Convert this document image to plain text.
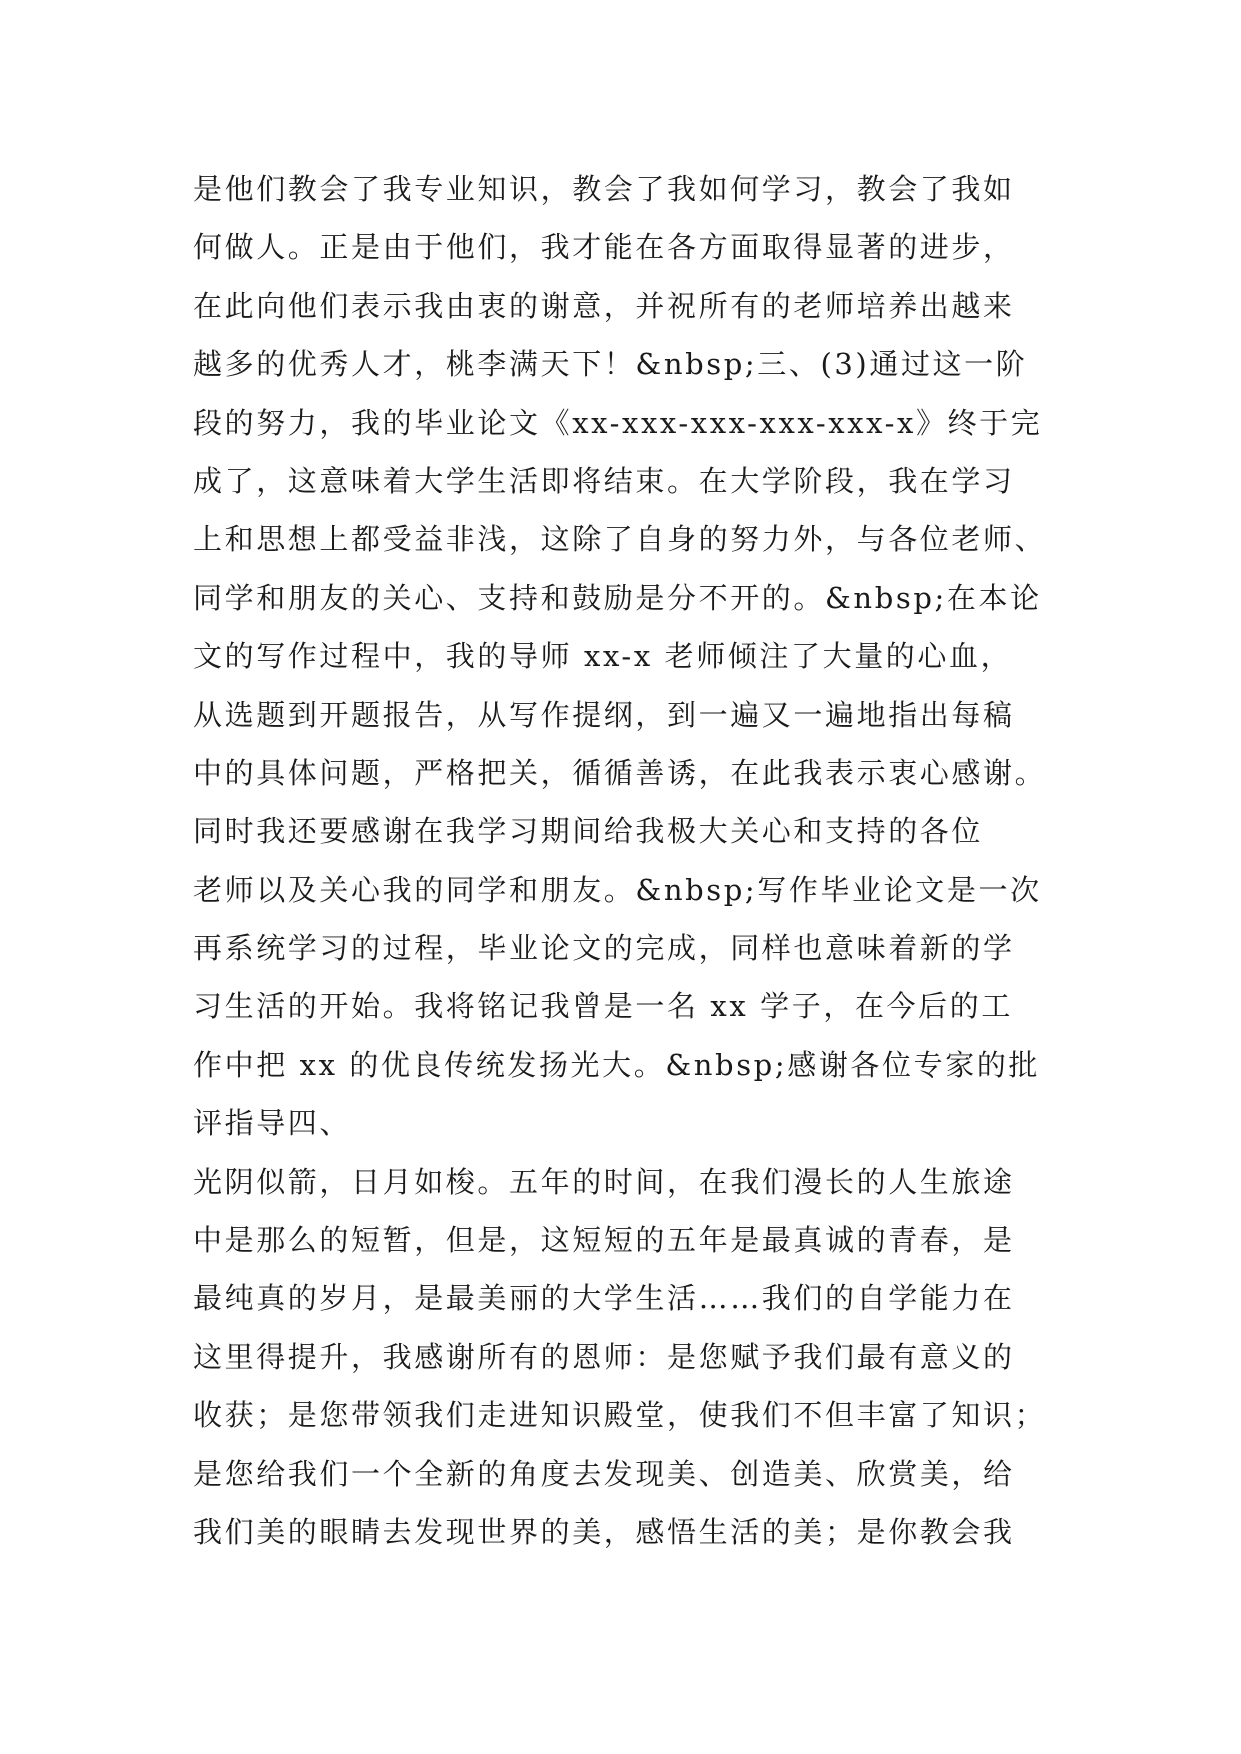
是他们教会了我专业知识，教会了我如何学习，教会了我如
何做人。正是由于他们，我才能在各方面取得显著的进步，
在此向他们表示我由衷的谢意，并祝所有的老师培养出越来
越多的优秀人才，桃李满天下！&nbsp;三、(3)通过这一阶
段的努力，我的毕业论文《xx-xxx-xxx-xxx-xxx-x》终于完
成了，这意味着大学生活即将结束。在大学阶段，我在学习
上和思想上都受益非浅，这除了自身的努力外，与各位老师、
同学和朋友的关心、支持和鼓励是分不开的。&nbsp;在本论
文的写作过程中，我的导师 xx-x 老师倾注了大量的心血，
从选题到开题报告，从写作提纲，到一遍又一遍地指出每稿
中的具体问题，严格把关，循循善诱，在此我表示衷心感谢。
同时我还要感谢在我学习期间给我极大关心和支持的各位
老师以及关心我的同学和朋友。&nbsp;写作毕业论文是一次
再系统学习的过程，毕业论文的完成，同样也意味着新的学
习生活的开始。我将铭记我曾是一名 xx 学子，在今后的工
作中把 xx 的优良传统发扬光大。&nbsp;感谢各位专家的批
评指导四、
光阴似箭，日月如梭。五年的时间，在我们漫长的人生旅途
中是那么的短暂，但是，这短短的五年是最真诚的青春，是
最纯真的岁月，是最美丽的大学生活……我们的自学能力在
这里得提升，我感谢所有的恩师：是您赋予我们最有意义的
收获；是您带领我们走进知识殿堂，使我们不但丰富了知识；
是您给我们一个全新的角度去发现美、创造美、欣赏美，给
我们美的眼睛去发现世界的美，感悟生活的美；是你教会我
